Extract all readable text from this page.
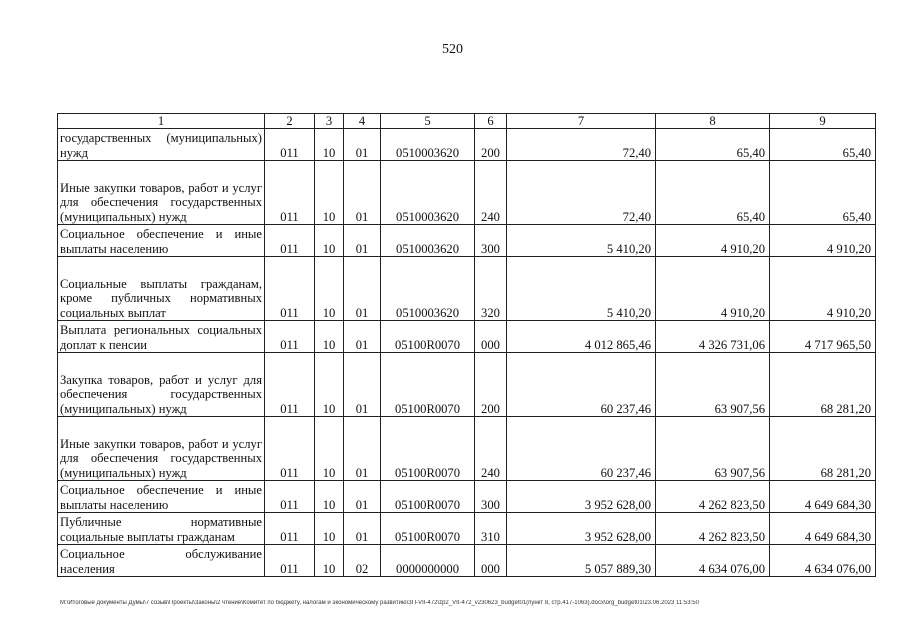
520
1	2	3	4	5	6	7	8	9
государственных (муниципальных) нужд	011	10	01	0510003620	200	72,40	65,40	65,40
Иные закупки товаров, работ и услуг для обеспечения государственных (муниципальных) нужд	011	10	01	0510003620	240	72,40	65,40	65,40
Социальное обеспечение и иные выплаты населению	011	10	01	0510003620	300	5 410,20	4 910,20	4 910,20
Социальные выплаты гражданам, кроме публичных нормативных социальных выплат	011	10	01	0510003620	320	5 410,20	4 910,20	4 910,20
Выплата региональных социальных доплат к пенсии	011	10	01	05100R0070	000	4 012 865,46	4 326 731,06	4 717 965,50
Закупка товаров, работ и услуг для обеспечения государственных (муниципальных) нужд	011	10	01	05100R0070	200	60 237,46	63 907,56	68 281,20
Иные закупки товаров, работ и услуг для обеспечения государственных (муниципальных) нужд	011	10	01	05100R0070	240	60 237,46	63 907,56	68 281,20
Социальное обеспечение и иные выплаты населению	011	10	01	05100R0070	300	3 952 628,00	4 262 823,50	4 649 684,30
Публичные нормативные социальные выплаты гражданам	011	10	01	05100R0070	310	3 952 628,00	4 262 823,50	4 649 684,30
Социальное обслуживание населения	011	10	02	0000000000	000	5 057 889,30	4 634 076,00	4 634 076,00
M:\Итоговые документы Думы\7 созыв\Проекты\Законы\2 чтение\Комитет по бюджету, налогам и экономическому развитию\ЗП-VII-472\zp2_VII-472_v230623_budget01(пункт 8, стр.417-1063).docx\org_budget01\23.06.2023 11:53:50
